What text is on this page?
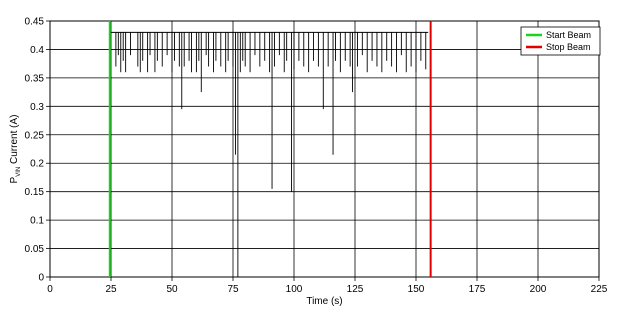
0
0.05
0.1
0.15
0.2
0.25
0.3
0.35
0.4
0.45
0	25	50	75	100	125	150	175	200	225
Start Beam
Stop Beam
Time (s)
$P_{VIN}$ Current (A)
